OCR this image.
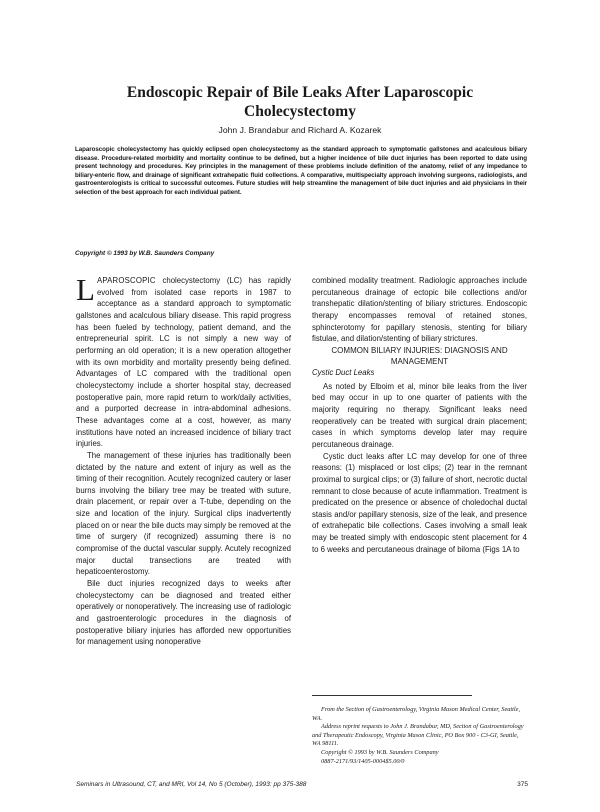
Endoscopic Repair of Bile Leaks After Laparoscopic Cholecystectomy
John J. Brandabur and Richard A. Kozarek

Laparoscopic cholecystectomy has quickly eclipsed open cholecystectomy as the standard approach to symptomatic gallstones and acalculous biliary disease. Procedure-related morbidity and mortality continue to be defined, but a higher incidence of bile duct injuries has been reported to date using present technology and procedures. Key principles in the management of these problems include definition of the anatomy, relief of any impedance to biliary-enteric flow, and drainage of significant extrahepatic fluid collections. A comparative, multispecialty approach involving surgeons, radiologists, and gastroenterologists is critical to successful outcomes. Future studies will help streamline the management of bile duct injuries and aid physicians in their selection of the best approach for each individual patient.

Copyright © 1993 by W.B. Saunders Company

LAPAROSCOPIC cholecystectomy (LC) has rapidly evolved from isolated case reports in 1987 to acceptance as a standard approach to symptomatic gallstones and acalculous biliary disease. This rapid progress has been fueled by technology, patient demand, and the entrepreneurial spirit. LC is not simply a new way of performing an old operation; it is a new operation altogether with its own morbidity and mortality presently being defined. Advantages of LC compared with the traditional open cholecystectomy include a shorter hospital stay, decreased postoperative pain, more rapid return to work/daily activities, and a purported decrease in intra-abdominal adhesions. These advantages come at a cost, however, as many institutions have noted an increased incidence of biliary tract injuries.

The management of these injuries has traditionally been dictated by the nature and extent of injury as well as the timing of their recognition. Acutely recognized cautery or laser burns involving the biliary tree may be treated with suture, drain placement, or repair over a T-tube, depending on the size and location of the injury. Surgical clips inadvertently placed on or near the bile ducts may simply be removed at the time of surgery (if recognized) assuming there is no compromise of the ductal vascular supply. Acutely recognized major ductal transections are treated with hepaticoenterostomy.

Bile duct injuries recognized days to weeks after cholecystectomy can be diagnosed and treated either operatively or nonoperatively. The increasing use of radiologic and gastroenterologic procedures in the diagnosis of postoperative biliary injuries has afforded new opportunities for management using nonoperative

combined modality treatment. Radiologic approaches include percutaneous drainage of ectopic bile collections and/or transhepatic dilation/stenting of biliary strictures. Endoscopic therapy encompasses removal of retained stones, sphincterotomy for papillary stenosis, stenting for biliary fistulae, and dilation/stenting of biliary strictures.

COMMON BILIARY INJURIES: DIAGNOSIS AND MANAGEMENT

Cystic Duct Leaks

As noted by Elboim et al, minor bile leaks from the liver bed may occur in up to one quarter of patients with the majority requiring no therapy. Significant leaks need reoperatively can be treated with surgical drain placement; cases in which symptoms develop later may require percutaneous drainage.

Cystic duct leaks after LC may develop for one of three reasons: (1) misplaced or lost clips; (2) tear in the remnant proximal to surgical clips; or (3) failure of short, necrotic ductal remnant to close because of acute inflammation. Treatment is predicated on the presence or absence of choledochal ductal stasis and/or papillary stenosis, size of the leak, and presence of extrahepatic bile collections. Cases involving a small leak may be treated simply with endoscopic stent placement for 4 to 6 weeks and percutaneous drainage of biloma (Figs 1A to

From the Section of Gastroenterology, Virginia Mason Medical Center, Seattle, WA.

Address reprint requests to John J. Brandabur, MD, Section of Gastroenterology and Therapeutic Endoscopy, Virginia Mason Clinic, PO Box 900 - C3-GI, Seattle, WA 98111.

Copyright © 1993 by W.B. Saunders Company

0887-2171/93/1405-0004$5.00/0

Seminars in Ultrasound, CT, and MRI, Vol 14, No 5 (October), 1993: pp 375-388	375
